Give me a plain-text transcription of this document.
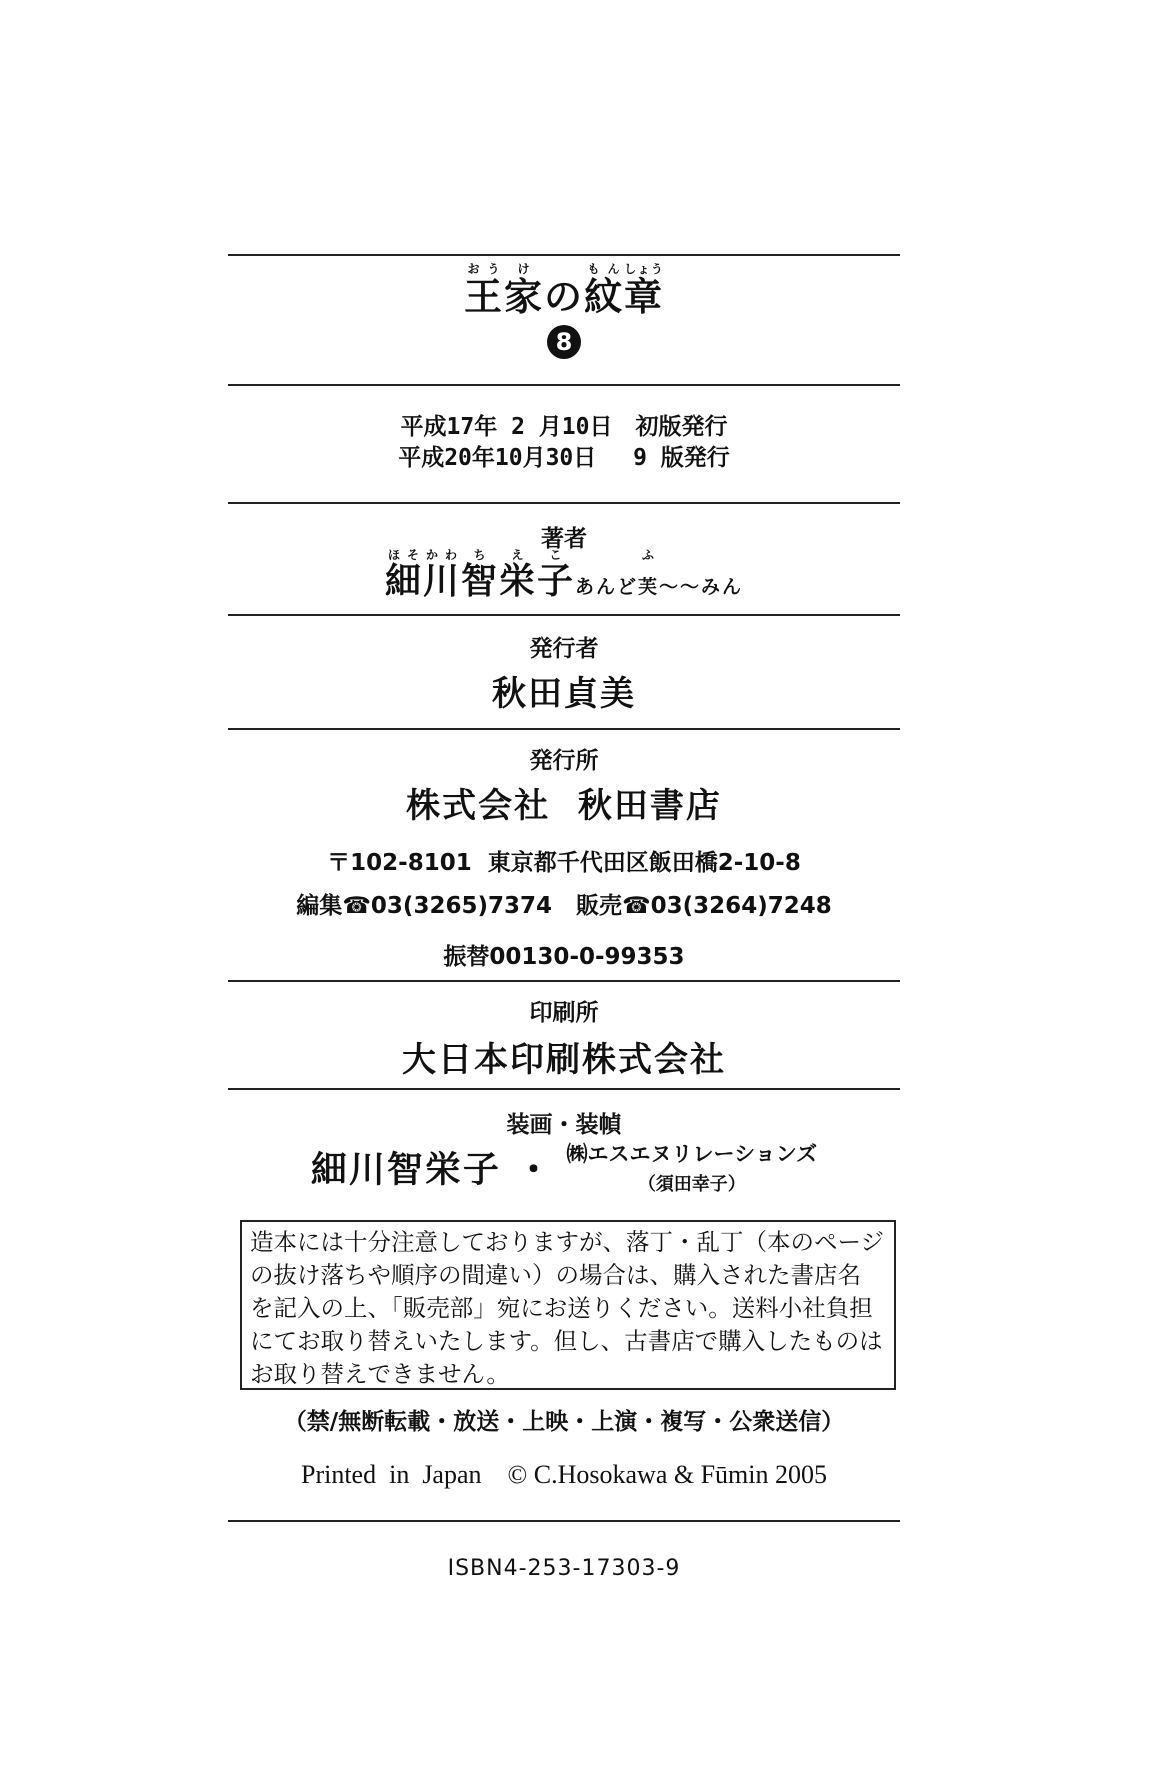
王おう家けの 紋もん章しょう
8
平成17年 2 月10日　初版発行
平成20年10月30日　 9 版発行
著者
細ほそ川かわ智ち栄え子こあんど芙ふ〜〜みん
発行者
秋田貞美
発行所
株式会社  秋田書店
〒102-8101  東京都千代田区飯田橋2-10-8
編集☎03(3265)7374   販売☎03(3264)7248
振替00130-0-99353
印刷所
大日本印刷株式会社
装画・装幀
細川智栄子 ・ ㈱エスエヌリレーションズ
（須田幸子）
造本には十分注意しておりますが、落丁・乱丁（本のページ
の抜け落ちや順序の間違い）の場合は、購入された書店名
を記入の上、「販売部」宛にお送りください。送料小社負担
にてお取り替えいたします。但し、古書店で購入したものは
お取り替えできません。
（禁/無断転載・放送・上映・上演・複写・公衆送信）
Printed  in  Japan © C.Hosokawa & Fūmin 2005
ISBN4-253-17303-9
